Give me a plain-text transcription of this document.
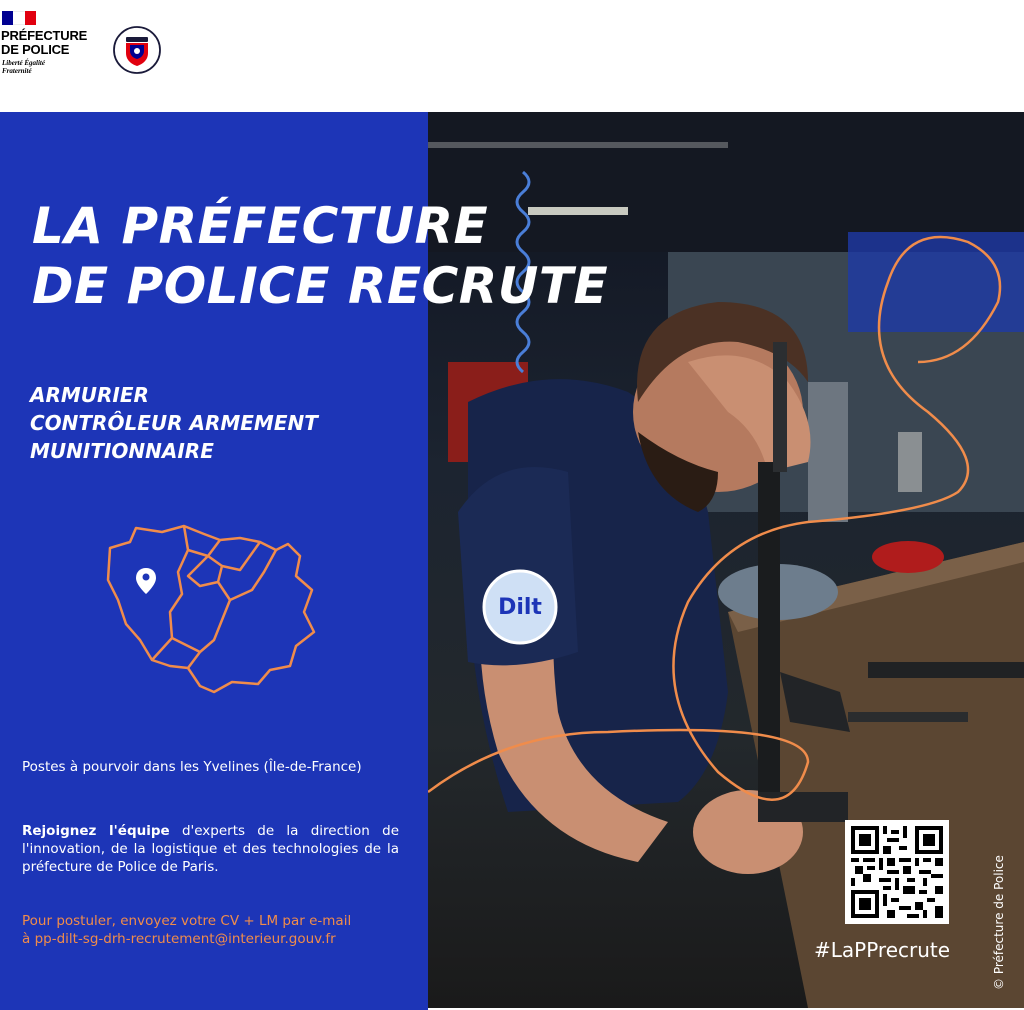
PRÉFECTURE DE POLICE
Liberté Égalité Fraternité
Dilt
LA PRÉFECTURE
DE POLICE RECRUTE
ARMURIER
CONTRÔLEUR ARMEMENT
MUNITIONNAIRE
Postes à pourvoir dans les Yvelines (Île-de-France)
Rejoignez l'équipe d'experts de la direction de l'innovation, de la logistique et des technologies de la préfecture de Police de Paris.
Pour postuler, envoyez votre CV + LM par e-mail
à pp-dilt-sg-drh-recrutement@interieur.gouv.fr	#LaPPrecrute	© Préfecture de Police
